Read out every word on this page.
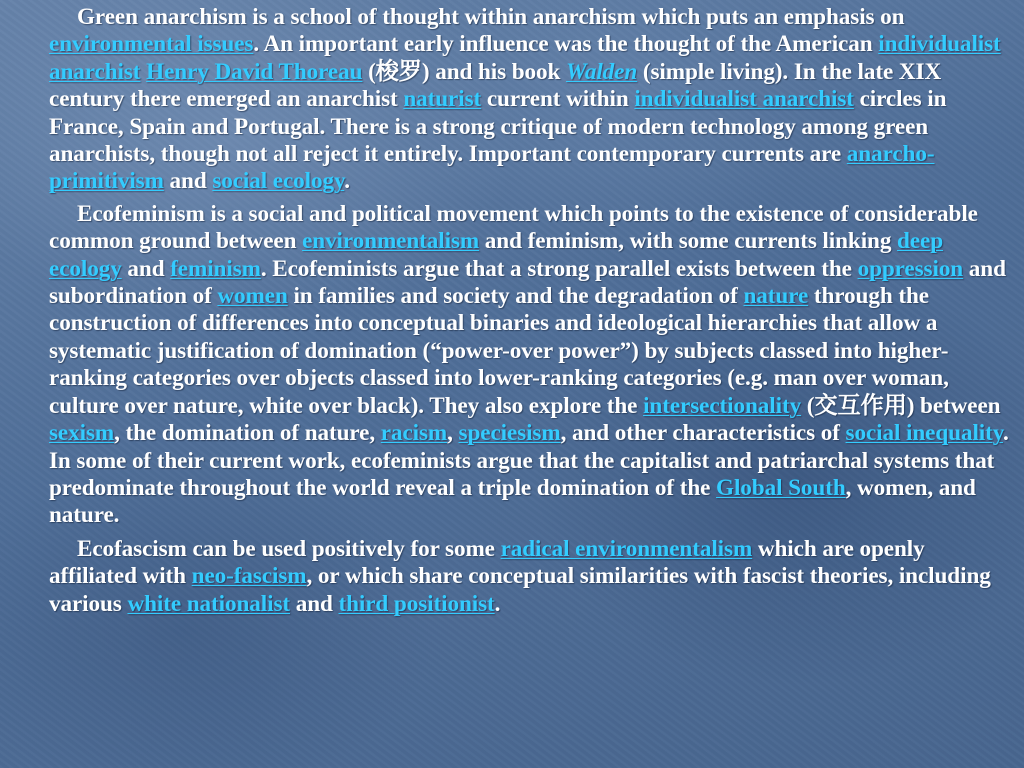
Green anarchism is a school of thought within anarchism which puts an emphasis on environmental issues. An important early influence was the thought of the American individualist anarchist Henry David Thoreau (梭罗) and his book Walden (simple living). In the late XIX century there emerged an anarchist naturist current within individualist anarchist circles in France, Spain and Portugal. There is a strong critique of modern technology among green anarchists, though not all reject it entirely. Important contemporary currents are anarcho-primitivism and social ecology.

Ecofeminism is a social and political movement which points to the existence of considerable common ground between environmentalism and feminism, with some currents linking deep ecology and feminism. Ecofeminists argue that a strong parallel exists between the oppression and subordination of women in families and society and the degradation of nature through the construction of differences into conceptual binaries and ideological hierarchies that allow a systematic justification of domination (“power-over power”) by subjects classed into higher-ranking categories over objects classed into lower-ranking categories (e.g. man over woman, culture over nature, white over black). They also explore the intersectionality (交互作用) between sexism, the domination of nature, racism, speciesism, and other characteristics of social inequality. In some of their current work, ecofeminists argue that the capitalist and patriarchal systems that predominate throughout the world reveal a triple domination of the Global South, women, and nature.

Ecofascism can be used positively for some radical environmentalism which are openly affiliated with neo-fascism, or which share conceptual similarities with fascist theories, including various white nationalist and third positionist.
